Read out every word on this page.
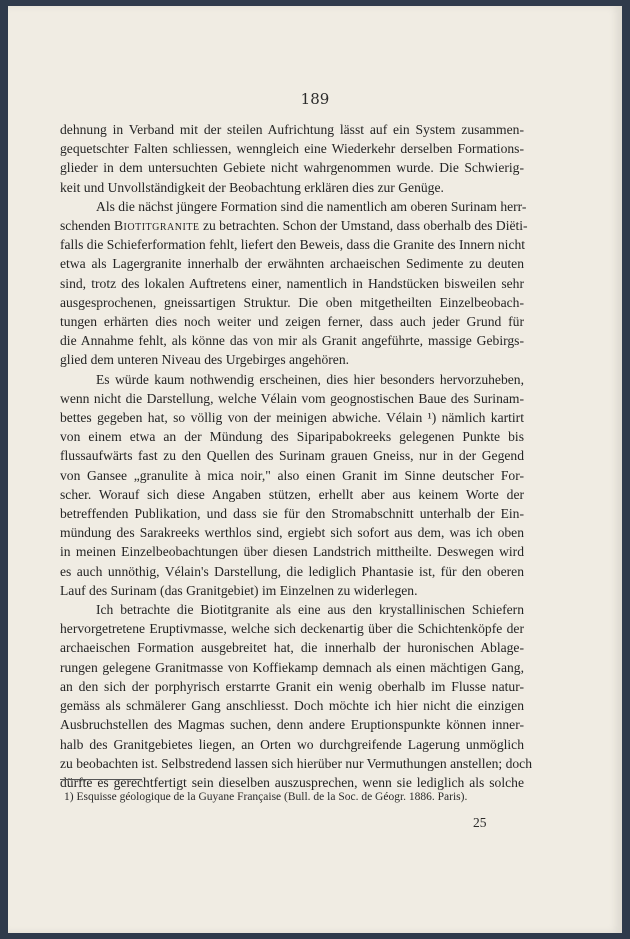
189
dehnung in Verband mit der steilen Aufrichtung lässt auf ein System zusammen-
gequetschter Falten schliessen, wenngleich eine Wiederkehr derselben Formations-
glieder in dem untersuchten Gebiete nicht wahrgenommen wurde. Die Schwierig-
keit und Unvollständigkeit der Beobachtung erklären dies zur Genüge.
Als die nächst jüngere Formation sind die namentlich am oberen Surinam herr-
schenden Biotitgranite zu betrachten. Schon der Umstand, dass oberhalb des Diëti-
falls die Schieferformation fehlt, liefert den Beweis, dass die Granite des Innern nicht
etwa als Lagergranite innerhalb der erwähnten archaeischen Sedimente zu deuten
sind, trotz des lokalen Auftretens einer, namentlich in Handstücken bisweilen sehr
ausgesprochenen, gneissartigen Struktur. Die oben mitgetheilten Einzelbeobach-
tungen erhärten dies noch weiter und zeigen ferner, dass auch jeder Grund für
die Annahme fehlt, als könne das von mir als Granit angeführte, massige Gebirgs-
glied dem unteren Niveau des Urgebirges angehören.
Es würde kaum nothwendig erscheinen, dies hier besonders hervorzuheben,
wenn nicht die Darstellung, welche Vélain vom geognostischen Baue des Surinam-
bettes gegeben hat, so völlig von der meinigen abwiche. Vélain ¹) nämlich kartirt
von einem etwa an der Mündung des Siparipabokreeks gelegenen Punkte bis
flussaufwärts fast zu den Quellen des Surinam grauen Gneiss, nur in der Gegend
von Gansee „granulite à mica noir," also einen Granit im Sinne deutscher For-
scher. Worauf sich diese Angaben stützen, erhellt aber aus keinem Worte der
betreffenden Publikation, und dass sie für den Stromabschnitt unterhalb der Ein-
mündung des Sarakreeks werthlos sind, ergiebt sich sofort aus dem, was ich oben
in meinen Einzelbeobachtungen über diesen Landstrich mittheilte. Deswegen wird
es auch unnöthig, Vélain's Darstellung, die lediglich Phantasie ist, für den oberen
Lauf des Surinam (das Granitgebiet) im Einzelnen zu widerlegen.
Ich betrachte die Biotitgranite als eine aus den krystallinischen Schiefern
hervorgetretene Eruptivmasse, welche sich deckenartig über die Schichtenköpfe der
archaeischen Formation ausgebreitet hat, die innerhalb der huronischen Ablage-
rungen gelegene Granitmasse von Koffiekamp demnach als einen mächtigen Gang,
an den sich der porphyrisch erstarrte Granit ein wenig oberhalb im Flusse natur-
gemäss als schmälerer Gang anschliesst. Doch möchte ich hier nicht die einzigen
Ausbruchstellen des Magmas suchen, denn andere Eruptionspunkte können inner-
halb des Granitgebietes liegen, an Orten wo durchgreifende Lagerung unmöglich
zu beobachten ist. Selbstredend lassen sich hierüber nur Vermuthungen anstellen; doch
dürfte es gerechtfertigt sein dieselben auszusprechen, wenn sie lediglich als solche
1) Esquisse géologique de la Guyane Française (Bull. de la Soc. de Géogr. 1886. Paris).
25
